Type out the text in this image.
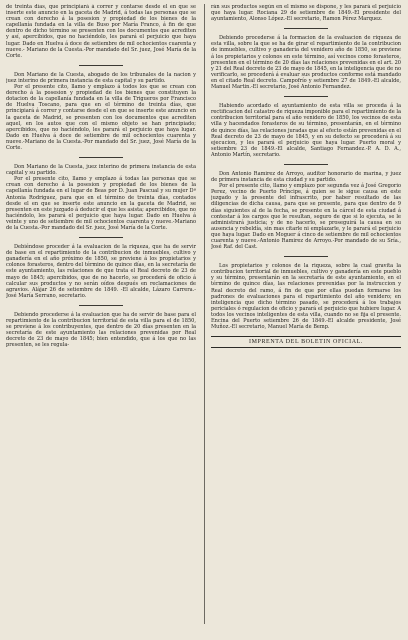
de treinta días, que principiará á correr y contarse desde el en que se inserte este anuncio en la gaceta de Madrid, á todas las personas que se crean con derecho á la posesion y propiedad de los bienes de la capellanía fundada en la villa de Buso por María Franco, á fin de que dentro de dicho término se presenten con los documentos que acrediten y así, apercibidos, que no haciéndolo, les parará el perjuicio que haya lugar. Dado en Huelva á doce de setiembre de mil ochocientos cuarenta y nueve.- Mariano de la Cuesta.-Por mandado del Sr. juez, José María de la Corte.

Don Mariano de la Cuesta, abogado de los tribunales de la nacion y juez interino de primera instancia de esta capital y su partido.

Por el presente cito, llamo y emplazo á todos los que se crean con derecho á la posesion y propiedad de los bienes que constituyen la dotacion de la capellanía fundada en la villa de Trigueros por Francisco de Huelva Toscano, para que en el término de treinta días, que principiará á correr y contarse desde el en que se inserte este anuncio en la gaceta de Madrid, se presenten con los documentos que acrediten aquel, en los autos que con el mismo objeto se han principiado; apercibidos, que no haciéndolo, les parará el perjuicio que haya lugar. Dado en Huelva á doce de setiembre de mil ochocientos cuarenta y nueve.-Mariano de la Cuesta.-Por mandado del Sr. juez, José María de la Corte.

Don Mariano de la Cuesta, juez interino de primera instancia de esta capital y su partido.

Por el presente cito, llamo y emplazo á todas las personas que se crean con derecho á la posesion y propiedad de los bienes de la capellanía fundada en el lugar de Beas por D. Juan Pascual y su mujer Dª Antonia Rodriguez, para que en el término de treinta días, contados desde el en que se inserte este anuncio en la gaceta de Madrid, se presenten en este juzgado á deducir el que les asista; apercibidos, que no haciéndolo, les parará el perjuicio que haya lugar. Dado en Huelva á veinte y uno de setiembre de mil ochocientos cuarenta y nueve.-Mariano de la Cuesta.-Por mandado del Sr. juez, José María de la Corte.

Debiéndose proceder á la evaluacion de la riqueza, que ha de servir de base en el repartimiento de la contribucion de inmuebles, cultivo y ganadería en el año próximo de 1850, se previene á los propietarios y colonos forasteros, dentro del término de quince días, en la secretaría de este ayuntamiento, las relaciones de que trata el Real decreto de 23 de mayo de 1845; apercibidos, que de no hacerlo, se procederá de oficio á calcular sus productos y no serán oídos después en reclamaciones de agravios. Alájar 26 de setiembre de 1849. -El alcalde, Lázaro Carrera.-José María Serrano, secretario.

Debiendo procederse á la evaluacion que ha de servir de base para el repartimiento de la contribucion territorial de esta villa para el de 1850, se previene á los contribuyentes, que dentro de 20 días presenten en la secretaría de este ayuntamiento las relaciones prevenidas por Real decreto de 23 de mayo de 1845; bien entendido, que á los que no las presenten, se les regula-

rán sus productos según en el mismo se dispone, y les parará el perjuicio que haya lugar. Rociana 29 de setiembre de 1849.-El presidente del ayuntamiento, Alonso López.-El secretario, Ramon Pérez Marquez.

Debiendo procederse á la formacion de la evaluacion de riqueza de esta villa, sobre la que se ha de girar el repartimiento de la contribucion de inmuebles, cultivo y ganadería del venidero año de 1850, se previene á los propietarios y colonos en este término, así vecinos como forasteros, presenten en el término de 20 días las relaciones prevenidas en el art. 20 y 21 del Real decreto de 23 de mayo de 1845, en la inteligencia que de no verificarlo, se procederá á evaluar sus productos conforme está mandado en el citado Real decreto. Campofrío y setiembre 27 de 1849.-El alcalde, Manuel Martin.-El secretario, José Antonio Fernandez.

Habiendo acordado el ayuntamiento de esta villa se proceda á la rectificacion del catastro de riqueza imponible para el repartimiento de la contribucion territorial para el año venidero de 1850, los vecinos de esta villa y hacendados forasteros de su término, presentarán, en el término de quince días, las relaciones juradas que al efecto están prevenidas en el Real decreto de 23 de mayo de 1845, y en su defecto se procederá á su ejecucion, y les parará el perjuicio que haya lugar. Puerto moral y setiembre 23 de 1849.-El alcalde, Santiago Fernandez.-P. A. D. A., Antonio Martín, secretario.

Don Antonio Ramirez de Arroyo, auditor honorario de marina, y juez de primera instancia de esta ciudad y su partido.

Por el presente cito, llamo y emplazo por segunda vez á José Gregorio Perez, vecino de Puerto Príncipe, á quien se le sigue causa en este juzgado y la presente del infrascrito, por haber resultado de las diligencias de dicha causa, para que se presente, para que dentro de 9 días siguientes al de la fecha, se presente en la cárcel de esta ciudad á contestar á los cargos que le resultan, seguro de que si lo ejecuta, se le administrará justicia; y de no hacerlo, se proseguirá la causa en su ausencia y rebeldía, sin mas citarle ni emplazarle, y le parará el perjuicio que haya lugar. Dado en Moguer á cinco de setiembre de mil ochocientos cuarenta y nueve.-Antonio Ramirez de Arroyo.-Por mandado de su Sría., José Raf. del Cast.

Los propietarios y colonos de la riqueza, sobre la cual gravita la contribucion territorial de inmuebles, cultivo y ganadería en este pueblo y su término, presentarán en la secretaría de este ayuntamiento, en el término de quince días, las relaciones prevenidas por la instruccion y Real decreto del ramo, á fin de que por ellas puedan formarse los padrones de evaluaciones para el repartimiento del año venidero; en inteligencia que dicho término pasado, se procederá á los trabajos periciales ó regulacion de oficio y parará el perjuicio que hubiere lugar. A todos los vecinos inteligentes de esta villa, cuando no se fija el presente. Encina del Puerto setiembre 26 de 1849.-El alcalde presidente, José Muñoz.-El secretario, Manuel María de Bemp.

IMPRENTA DEL BOLETIN OFICIAL.
